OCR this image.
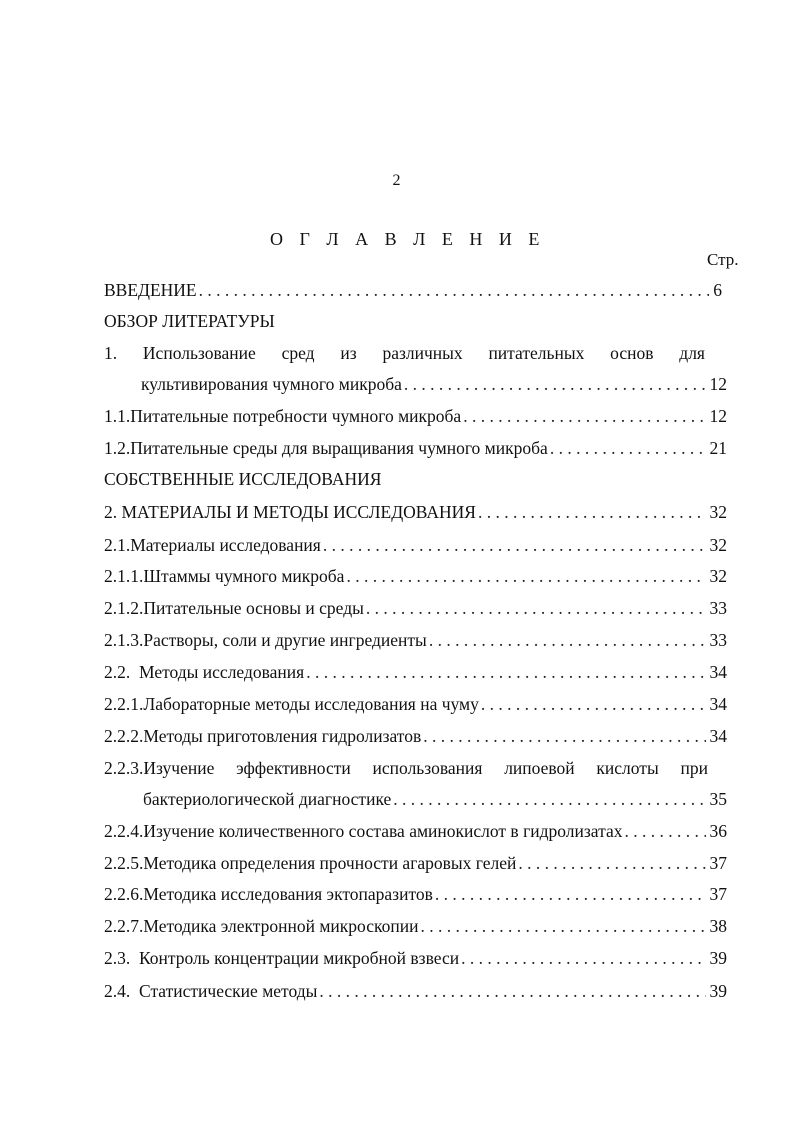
2
О Г Л А В Л Е Н И Е
Стр.
ВВЕДЕНИЕ . . .	6
ОБЗОР ЛИТЕРАТУРЫ
1. Использование сред из различных питательных основ для
культивирования чумного микроба . . .	12
1.1.Питательные потребности чумного микроба . . .	12
1.2.Питательные среды для выращивания чумного микроба . . .	21
СОБСТВЕННЫЕ ИССЛЕДОВАНИЯ
2. МАТЕРИАЛЫ И МЕТОДЫ ИССЛЕДОВАНИЯ . . .	32
2.1.Материалы исследования . . .	32
2.1.1.Штаммы чумного микроба . . .	32
2.1.2.Питательные основы и среды . . .	33
2.1.3.Растворы, соли и другие ингредиенты . . .	33
2.2.  Методы исследования . . .	34
2.2.1.Лабораторные методы исследования на чуму . . .	34
2.2.2.Методы приготовления гидролизатов . . .	34
2.2.3.Изучение эффективности использования липоевой кислоты при
бактериологической диагностике . . .	35
2.2.4.Изучение количественного состава аминокислот в гидролизатах . . .	36
2.2.5.Методика определения прочности агаровых гелей . . .	37
2.2.6.Методика исследования эктопаразитов . . .	37
2.2.7.Методика электронной микроскопии . . .	38
2.3.  Контроль концентрации микробной взвеси . . .	39
2.4.  Статистические методы . . .	39
